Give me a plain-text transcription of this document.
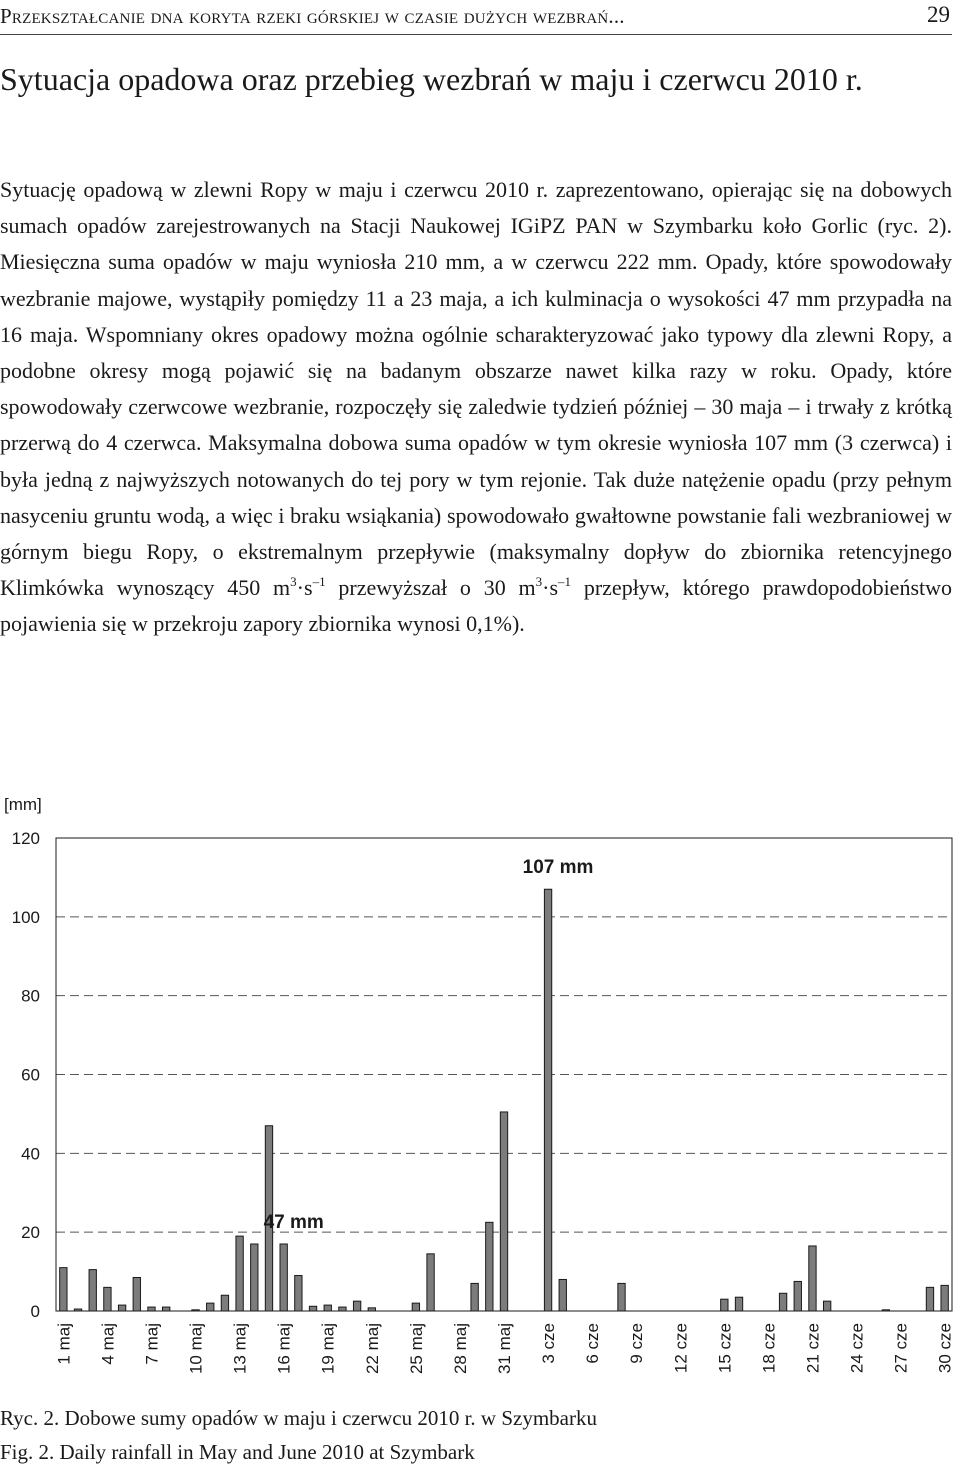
Przekształcanie dna koryta rzeki górskiej w czasie dużych wezbrań...	29
Sytuacja opadowa oraz przebieg wezbrań w maju i czerwcu 2010 r.

Sytuację opadową w zlewni Ropy w maju i czerwcu 2010 r. zaprezentowano, opierając się na dobowych sumach opadów zarejestrowanych na Stacji Naukowej IGiPZ PAN w Szymbarku koło Gorlic (ryc. 2). Miesięczna suma opadów w maju wyniosła 210 mm, a w czerwcu 222 mm. Opady, które spowodowały wezbranie majowe, wystąpiły pomiędzy 11 a 23 maja, a ich kulminacja o wysokości 47 mm przypadła na 16 maja. Wspomniany okres opadowy można ogólnie scharakteryzować jako typowy dla zlewni Ropy, a podobne okresy mogą pojawić się na badanym obszarze nawet kilka razy w roku. Opady, które spowodowały czerwcowe wezbranie, rozpoczęły się zaledwie tydzień później – 30 maja – i trwały z krótką przerwą do 4 czerwca. Maksymalna dobowa suma opadów w tym okresie wyniosła 107 mm (3 czerwca) i była jedną z najwyższych notowanych do tej pory w tym rejonie. Tak duże natężenie opadu (przy pełnym nasyceniu gruntu wodą, a więc i braku wsiąkania) spowodowało gwałtowne powstanie fali wezbraniowej w górnym biegu Ropy, o ekstremalnym przepływie (maksymalny dopływ do zbiornika retencyjnego Klimkówka wynoszący 450 $m^3\cdot s^{-1}$ przewyższał o 30 $m^3\cdot s^{-1}$ przepływ, którego prawdopodobieństwo pojawienia się w przekroju zapory zbiornika wynosi 0,1%).

[mm]
0
20
40
60
80
100
120
1 maj 4 maj 7 maj 10 maj 13 maj 16 maj 19 maj 22 maj 25 maj 28 maj 31 maj 3 cze 6 cze 9 cze 12 cze 15 cze 18 cze 21 cze 24 cze 27 cze 30 cze
47 mm
107 mm

Ryc. 2. Dobowe sumy opadów w maju i czerwcu 2010 r. w Szymbarku

Fig. 2. Daily rainfall in May and June 2010 at Szymbark
